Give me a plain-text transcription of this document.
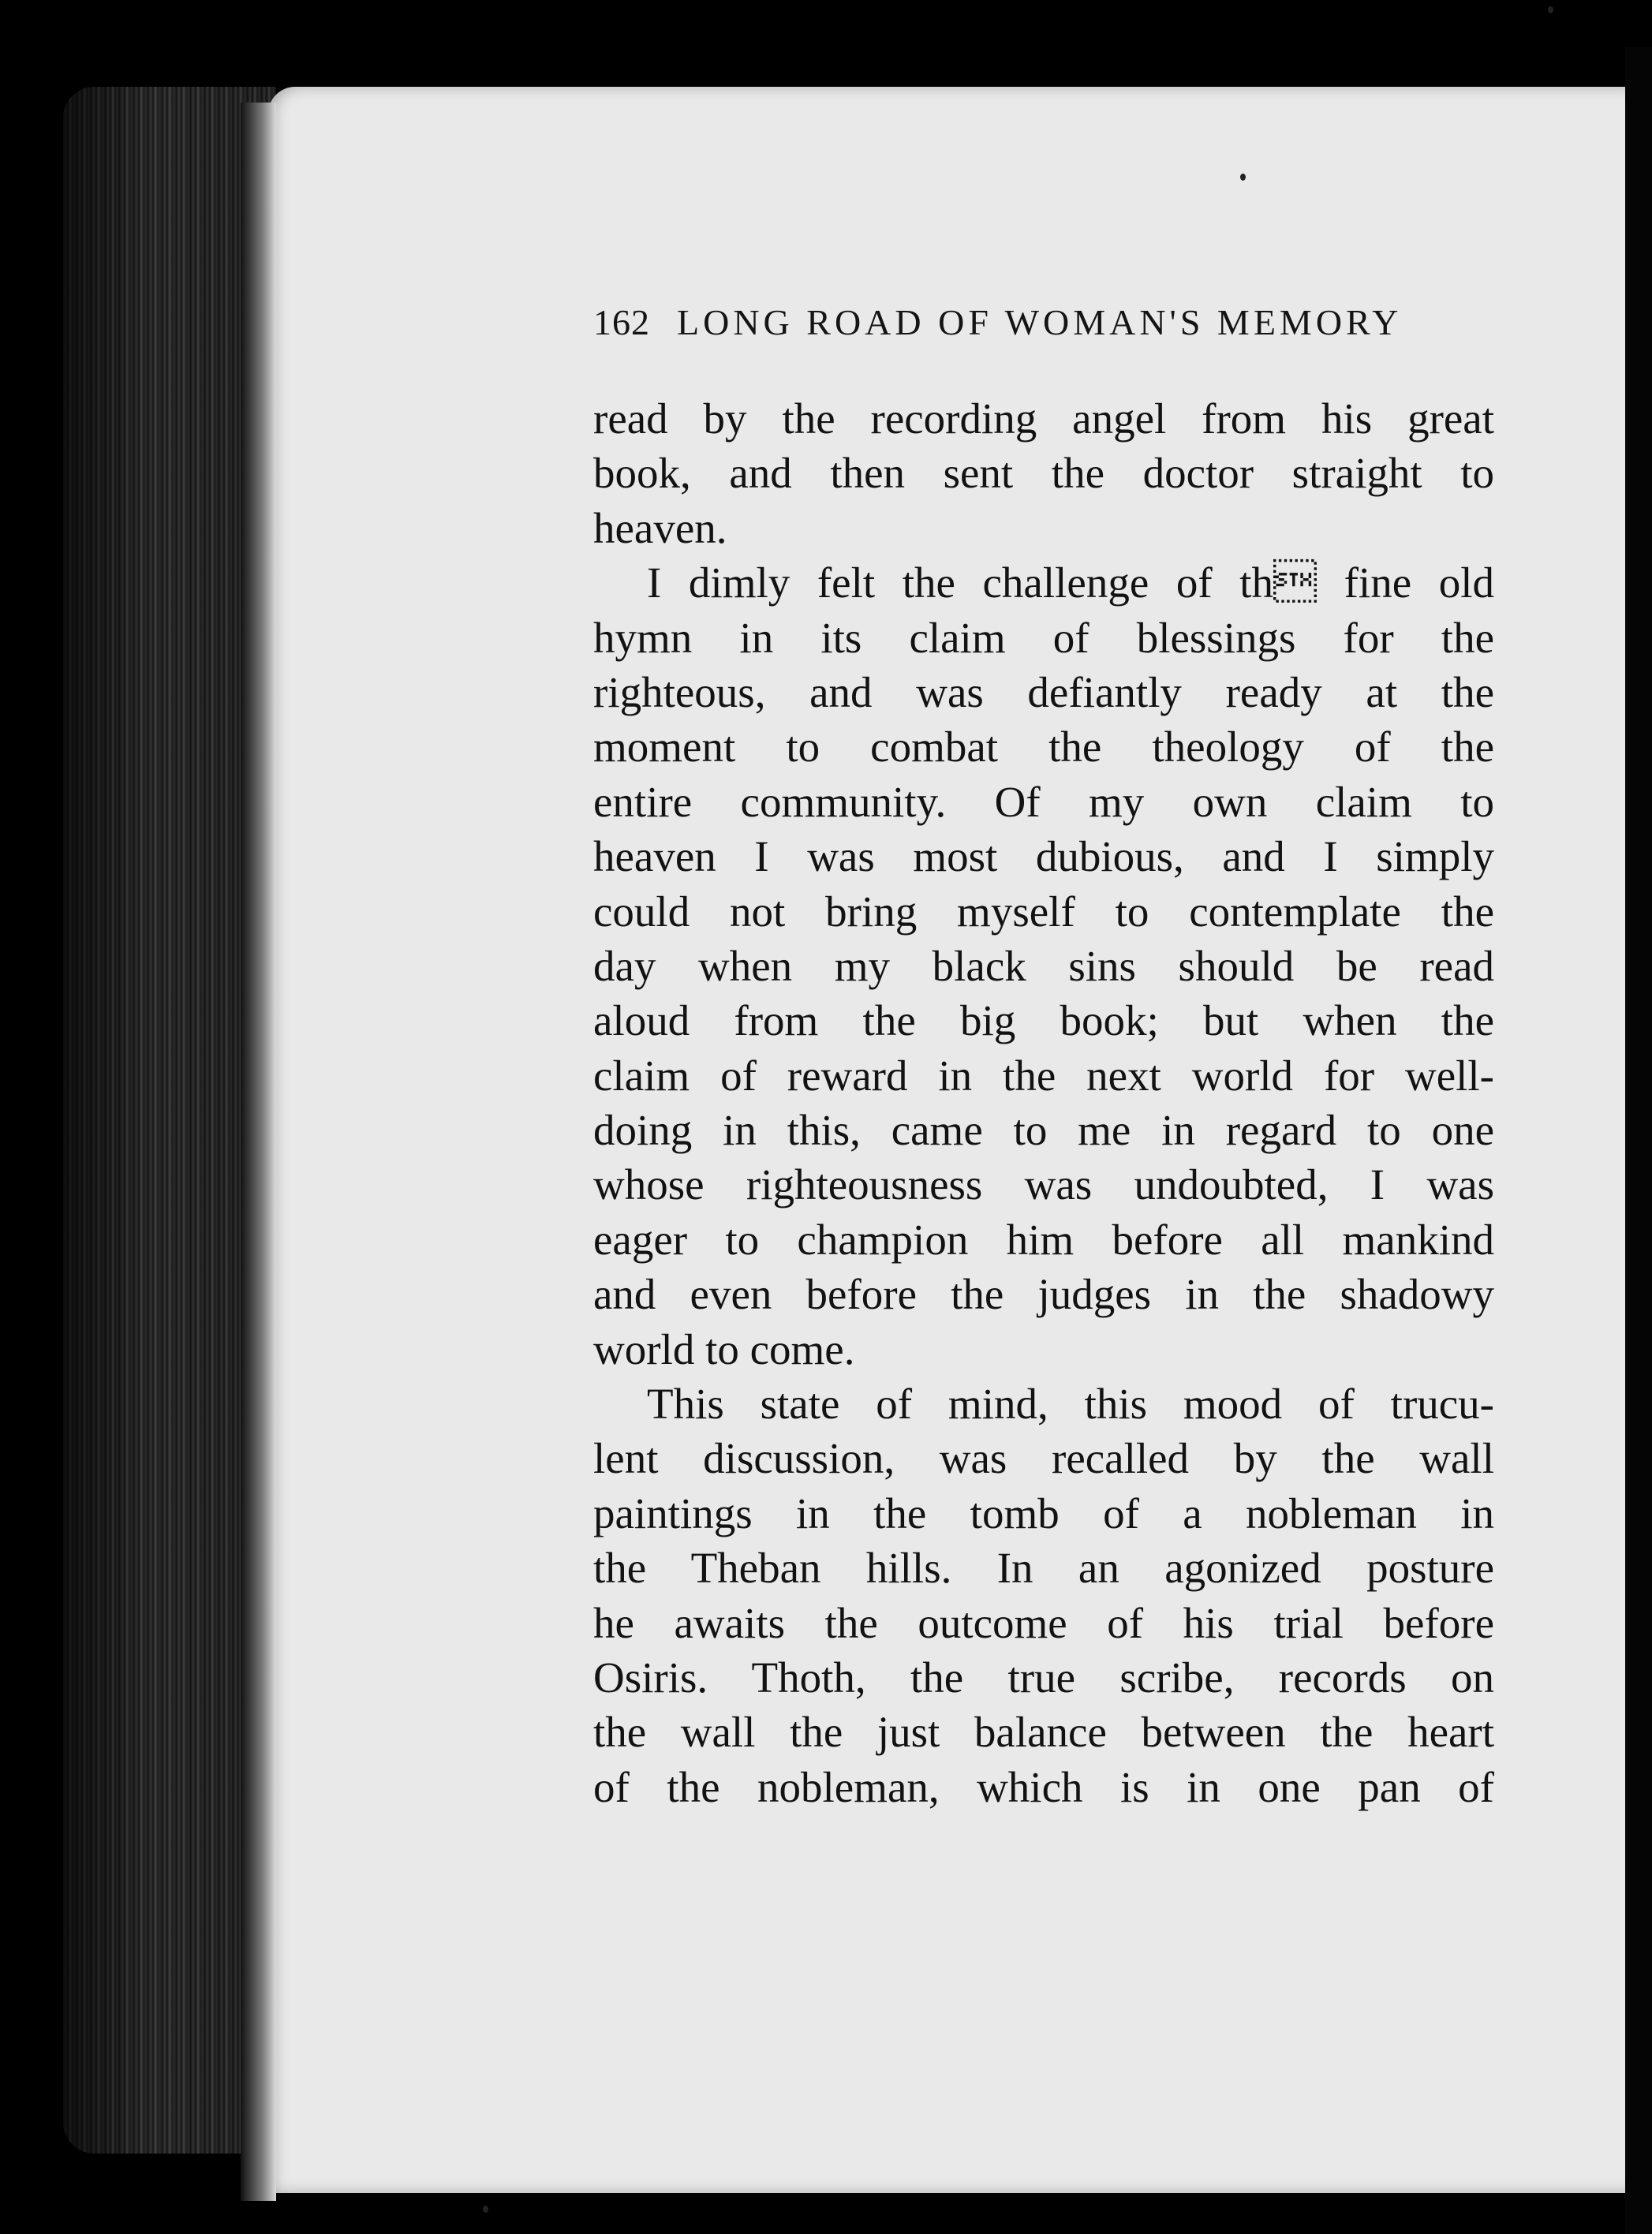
162 LONG ROAD OF WOMAN'S MEMORY
read by the recording angel from his great
book, and then sent the doctor straight to
heaven.
I dimly felt the challenge of th fine old
hymn in its claim of blessings for the
righteous, and was defiantly ready at the
moment to combat the theology of the
entire community. Of my own claim to
heaven I was most dubious, and I simply
could not bring myself to contemplate the
day when my black sins should be read
aloud from the big book; but when the
claim of reward in the next world for well-
doing in this, came to me in regard to one
whose righteousness was undoubted, I was
eager to champion him before all mankind
and even before the judges in the shadowy
world to come.
This state of mind, this mood of trucu-
lent discussion, was recalled by the wall
paintings in the tomb of a nobleman in
the Theban hills. In an agonized posture
he awaits the outcome of his trial before
Osiris. Thoth, the true scribe, records on
the wall the just balance between the heart
of the nobleman, which is in one pan of
